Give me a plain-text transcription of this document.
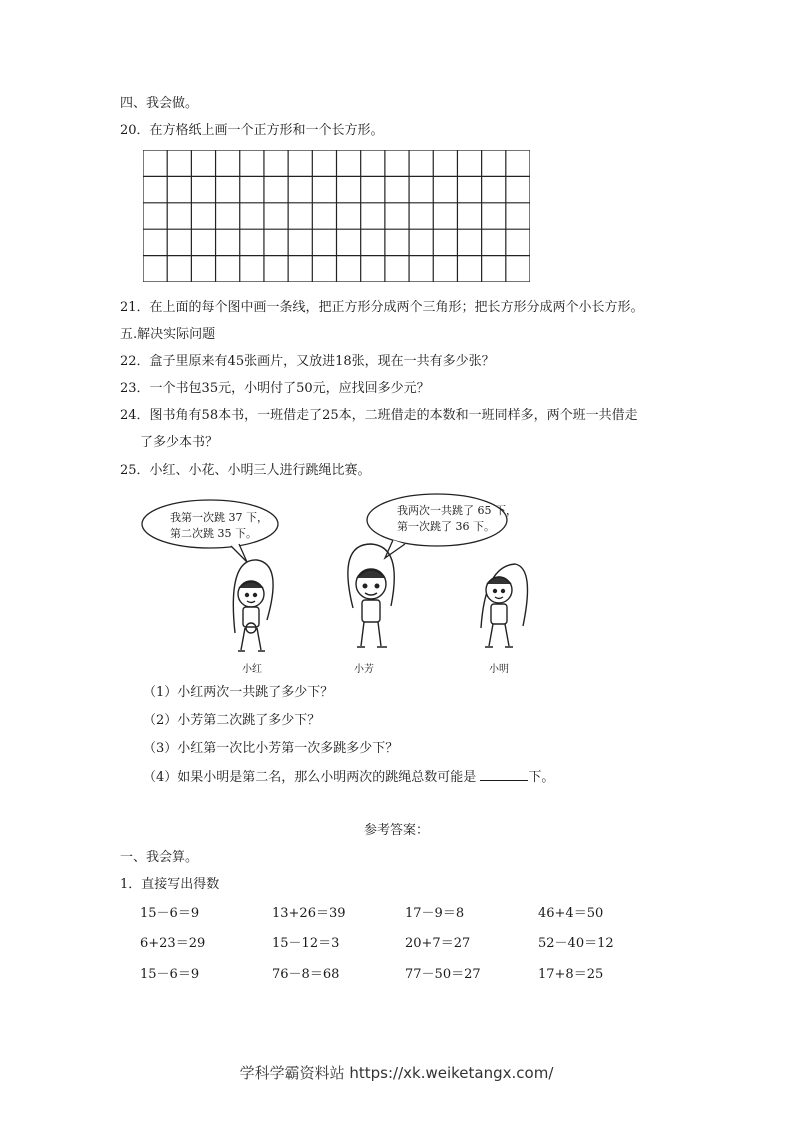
四、我会做。
20．在方格纸上画一个正方形和一个长方形。
21．在上面的每个图中画一条线，把正方形分成两个三角形；把长方形分成两个小长方形。
五.解决实际问题
22．盒子里原来有45张画片，又放进18张，现在一共有多少张？
23．一个书包35元，小明付了50元，应找回多少元？
24．图书角有58本书，一班借走了25本，二班借走的本数和一班同样多，两个班一共借走
了多少本书？
25．小红、小花、小明三人进行跳绳比赛。
我第一次跳 37 下，
第二次跳 35 下。
我两次一共跳了 65 下，
第一次跳了 36 下。
小红	小芳	小明
（1）小红两次一共跳了多少下？
（2）小芳第二次跳了多少下？
（3）小红第一次比小芳第一次多跳多少下？
（4）如果小明是第二名，那么小明两次的跳绳总数可能是	下。
参考答案：
一、我会算。
1．直接写出得数
15－6＝9	13+26＝39	17－9＝8	46+4＝50
6+23＝29	15－12＝3	20+7＝27	52－40＝12
15－6＝9	76－8＝68	77－50＝27	17+8＝25
学科学霸资料站 https://xk.weiketangx.com/
